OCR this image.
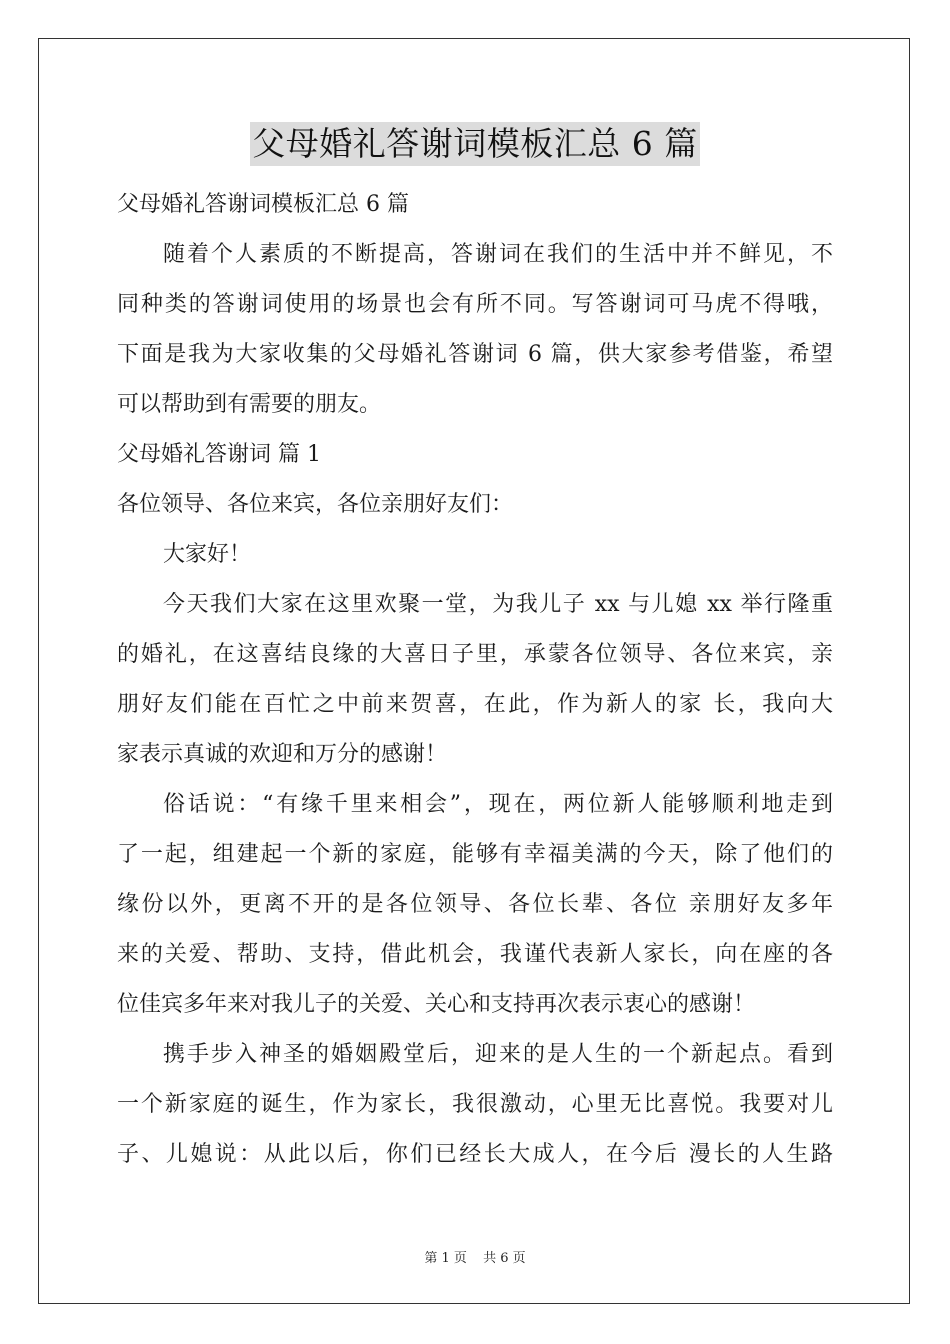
父母婚礼答谢词模板汇总 6 篇
父母婚礼答谢词模板汇总 6 篇
随着个人素质的不断提高，答谢词在我们的生活中并不鲜见，不
同种类的答谢词使用的场景也会有所不同。写答谢词可马虎不得哦，
下面是我为大家收集的父母婚礼答谢词 6 篇，供大家参考借鉴，希望
可以帮助到有需要的朋友。
父母婚礼答谢词 篇 1
各位领导、各位来宾，各位亲朋好友们：
大家好！
今天我们大家在这里欢聚一堂，为我儿子 xx 与儿媳 xx 举行隆重
的婚礼，在这喜结良缘的大喜日子里，承蒙各位领导、各位来宾，亲
朋好友们能在百忙之中前来贺喜，在此，作为新人的家 长，我向大
家表示真诚的欢迎和万分的感谢！
俗话说：“有缘千里来相会”，现在，两位新人能够顺利地走到
了一起，组建起一个新的家庭，能够有幸福美满的今天，除了他们的
缘份以外，更离不开的是各位领导、各位长辈、各位 亲朋好友多年
来的关爱、帮助、支持，借此机会，我谨代表新人家长，向在座的各
位佳宾多年来对我儿子的关爱、关心和支持再次表示衷心的感谢！
携手步入神圣的婚姻殿堂后，迎来的是人生的一个新起点。看到
一个新家庭的诞生，作为家长，我很激动，心里无比喜悦。我要对儿
子、儿媳说：从此以后，你们已经长大成人，在今后 漫长的人生路
第 1 页 共 6 页
